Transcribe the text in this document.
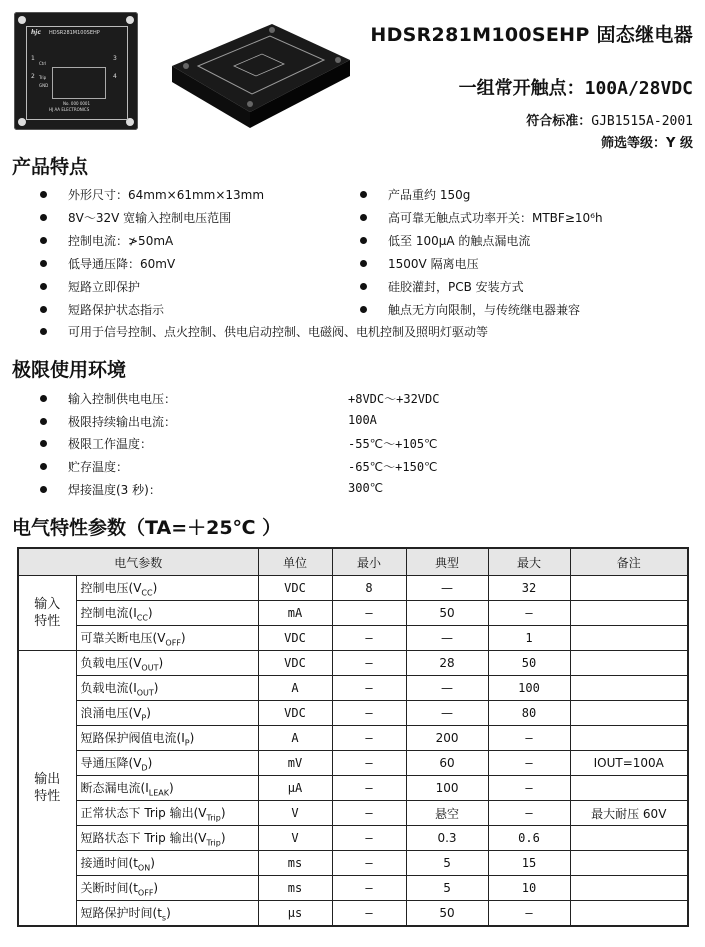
hjc HDSR281M100SEHP
1
2
3
4
Ctrl
Trip
GND
No. 000 0001
HJ AA ELECTRONICS
HDSR281M100SEHP 固态继电器
一组常开触点：100A/28VDC
符合标准：GJB1515A-2001
筛选等级：Y 级
产品特点
外形尺寸：64mm×61mm×13mm
8V～32V 宽输入控制电压范围
控制电流：≯50mA
低导通压降：60mV
短路立即保护
短路保护状态指示
可用于信号控制、点火控制、供电启动控制、电磁阀、电机控制及照明灯驱动等
产品重约 150g
高可靠无触点式功率开关：MTBF≥10⁶h
低至 100μA 的触点漏电流
1500V 隔离电压
硅胶灌封，PCB 安装方式
触点无方向限制，与传统继电器兼容
极限使用环境
输入控制供电电压：	+8VDC～+32VDC
极限持续输出电流：	100A
极限工作温度：	-55℃～+105℃
贮存温度：	-65℃～+150℃
焊接温度(3 秒)：	300℃
电气特性参数（TA=＋25℃ ）
电气参数		单位	最小	典型	最大	备注

输入
特性	控制电压$(V_{CC})$	VDC	8	—	32	
	控制电流$(I_{CC})$	mA	—	50	—	
	可靠关断电压$(V_{OFF})$	VDC	—	—	1	

输出
特性	负载电压$(V_{OUT})$	VDC	—	28	50	
	负载电流$(I_{OUT})$	A	—	—	100	
	浪涌电压$(V_P)$	VDC	—	—	80	
	短路保护阀值电流$(I_P)$	A	—	200	—	
	导通压降$(V_D)$	mV	—	60	—	IOUT=100A
	断态漏电流$(I_{LEAK})$	μA	—	100	—	
	正常状态下 Trip 输出$(V_{Trip})$	V	—	悬空	—	最大耐压 60V
	短路状态下 Trip 输出$(V_{Trip})$	V	—	0.3	0.6	
	接通时间$(t_{ON})$	ms	—	5	15	
	关断时间$(t_{OFF})$	ms	—	5	10	
	短路保护时间$(t_s)$	μs	—	50	—	
